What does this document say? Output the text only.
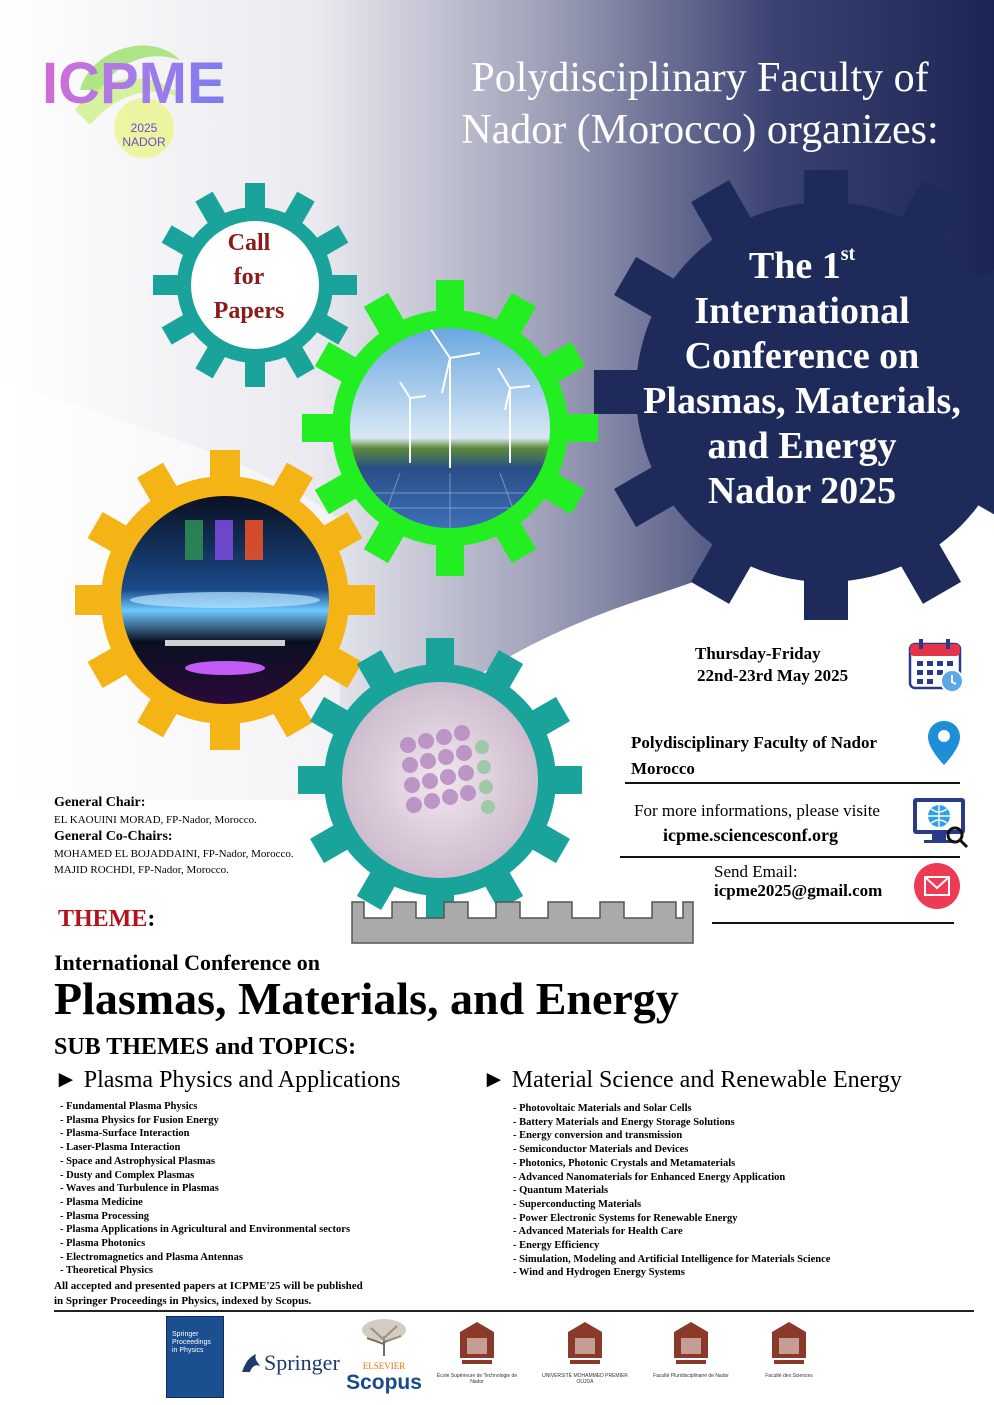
ICPME
2025
NADOR
Polydisciplinary Faculty of
Nador (Morocco) organizes:
Call
for
Papers
The 1st
International
Conference on
Plasmas, Materials,
and Energy
Nador 2025
Thursday-Friday
22nd-23rd May 2025
Polydisciplinary Faculty of Nador
Morocco
For more informations, please visite
icpme.sciencesconf.org
Send Email:
icpme2025@gmail.com
General Chair:
EL KAOUINI MORAD, FP-Nador, Morocco.
General Co-Chairs:
MOHAMED EL BOJADDAINI, FP-Nador, Morocco.
MAJID ROCHDI, FP-Nador, Morocco.
THEME:
International Conference on
Plasmas, Materials, and Energy
SUB THEMES and TOPICS:
► Plasma Physics and Applications	► Material Science and Renewable Energy
- Fundamental Plasma Physics
- Plasma Physics for Fusion Energy
- Plasma-Surface Interaction
- Laser-Plasma Interaction
- Space and Astrophysical Plasmas
- Dusty and Complex Plasmas
- Waves and Turbulence in Plasmas
- Plasma Medicine
- Plasma Processing
- Plasma Applications in Agricultural and Environmental sectors
- Plasma Photonics
- Electromagnetics and Plasma Antennas
- Theoretical Physics
- Photovoltaic Materials and Solar Cells
- Battery Materials and Energy Storage Solutions
- Energy conversion and transmission
- Semiconductor Materials and Devices
- Photonics, Photonic Crystals and Metamaterials
- Advanced Nanomaterials for Enhanced Energy Application
- Quantum Materials
- Superconducting Materials
- Power Electronic Systems for Renewable Energy
- Advanced Materials for Health Care
- Energy Efficiency
- Simulation, Modeling and Artificial Intelligence for Materials Science
- Wind and Hydrogen Energy Systems
All accepted and presented papers at ICPME'25 will be published
in Springer Proceedings in Physics, indexed by Scopus.
Springer Proceedings in Physics	Springer	ELSEVIER
Scopus	École Supérieure de Technologie de Nador
UNIVERSITÉ MOHAMMED PREMIER OUJDA
Faculté Pluridisciplinaire de Nador	Faculté des Sciences
